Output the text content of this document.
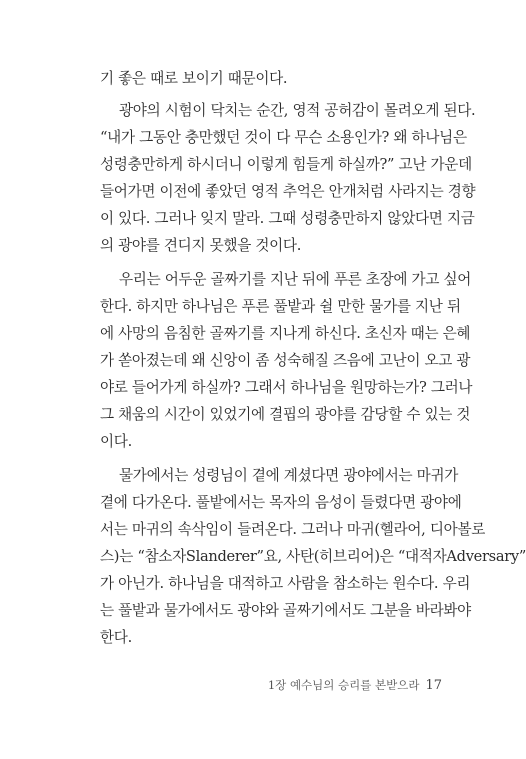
기 좋은 때로 보이기 때문이다.
광야의 시험이 닥치는 순간, 영적 공허감이 몰려오게 된다.
“내가 그동안 충만했던 것이 다 무슨 소용인가? 왜 하나님은
성령충만하게 하시더니 이렇게 힘들게 하실까?” 고난 가운데
들어가면 이전에 좋았던 영적 추억은 안개처럼 사라지는 경향
이 있다. 그러나 잊지 말라. 그때 성령충만하지 않았다면 지금
의 광야를 견디지 못했을 것이다.
우리는 어두운 골짜기를 지난 뒤에 푸른 초장에 가고 싶어
한다. 하지만 하나님은 푸른 풀밭과 쉴 만한 물가를 지난 뒤
에 사망의 음침한 골짜기를 지나게 하신다. 초신자 때는 은혜
가 쏟아졌는데 왜 신앙이 좀 성숙해질 즈음에 고난이 오고 광
야로 들어가게 하실까? 그래서 하나님을 원망하는가? 그러나
그 채움의 시간이 있었기에 결핍의 광야를 감당할 수 있는 것
이다.
물가에서는 성령님이 곁에 계셨다면 광야에서는 마귀가
곁에 다가온다. 풀밭에서는 목자의 음성이 들렸다면 광야에
서는 마귀의 속삭임이 들려온다. 그러나 마귀(헬라어, 디아볼로
스)는 “참소자Slanderer”요, 사탄(히브리어)은 “대적자Adversary”
가 아닌가. 하나님을 대적하고 사람을 참소하는 원수다. 우리
는 풀밭과 물가에서도 광야와 골짜기에서도 그분을 바라봐야
한다.
1장 예수님의 승리를 본받으라 17
